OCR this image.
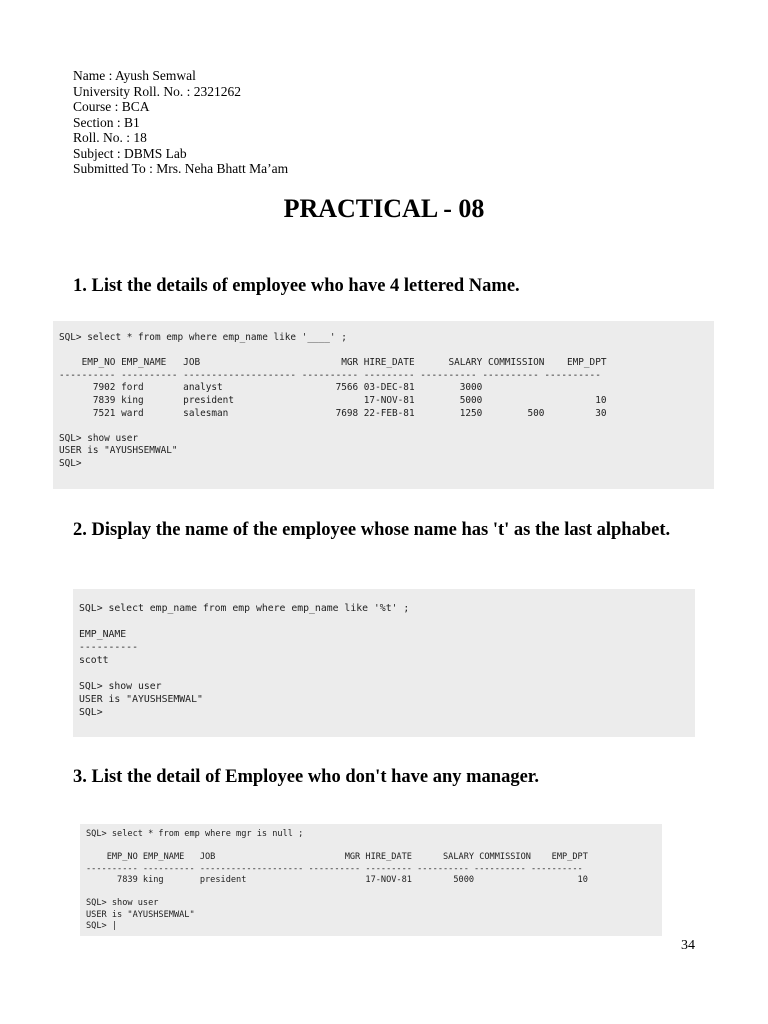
Name : Ayush Semwal
University Roll. No. : 2321262
Course : BCA
Section : B1
Roll. No. : 18
Subject : DBMS Lab
Submitted To : Mrs. Neha Bhatt Ma’am
PRACTICAL - 08
1. List the details of employee who have 4 lettered Name.
SQL> select * from emp where emp_name like '____' ;

EMP_NO EMP_NAME   JOB                         MGR HIRE_DATE      SALARY COMMISSION    EMP_DPT
---------- ---------- -------------------- ---------- --------- ---------- ---------- ----------
7902 ford       analyst                    7566 03-DEC-81        3000
7839 king       president                       17-NOV-81        5000                    10
7521 ward       salesman                   7698 22-FEB-81        1250        500         30

SQL> show user
USER is "AYUSHSEMWAL"
SQL>
2. Display the name of the employee whose name has 't' as the last alphabet.
SQL> select emp_name from emp where emp_name like '%t' ;

EMP_NAME
----------
scott

SQL> show user
USER is "AYUSHSEMWAL"
SQL>
3. List the detail of Employee who don't have any manager.
SQL> select * from emp where mgr is null ;

EMP_NO EMP_NAME   JOB                         MGR HIRE_DATE      SALARY COMMISSION    EMP_DPT
---------- ---------- -------------------- ---------- --------- ---------- ---------- ----------
7839 king       president                       17-NOV-81        5000                    10

SQL> show user
USER is "AYUSHSEMWAL"
SQL> |
34
